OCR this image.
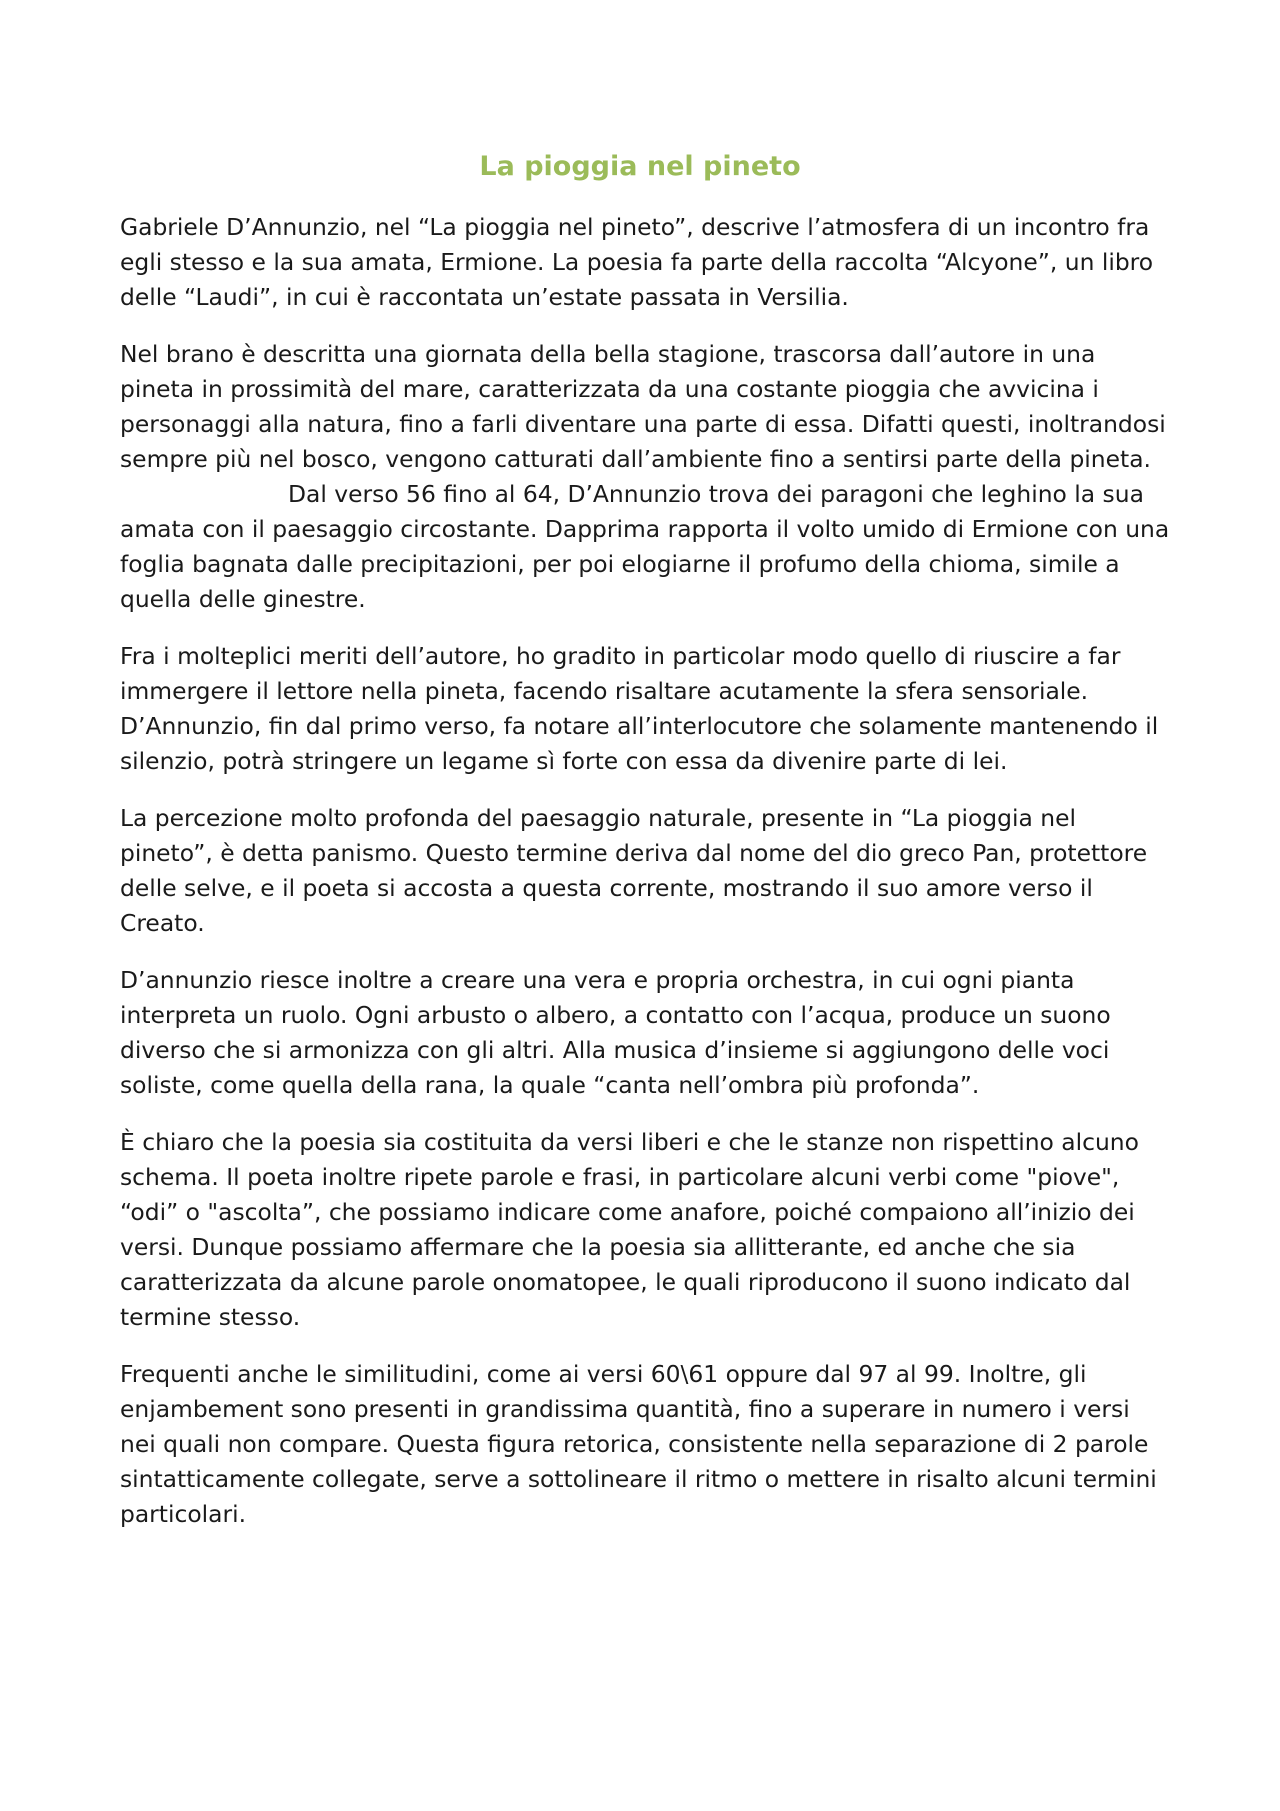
La pioggia nel pineto

Gabriele D’Annunzio, nel “La pioggia nel pineto”, descrive l’atmosfera di un incontro fra egli stesso e la sua amata, Ermione. La poesia fa parte della raccolta “Alcyone”, un libro delle “Laudi”, in cui è raccontata un’estate passata in Versilia.

Nel brano è descritta una giornata della bella stagione, trascorsa dall’autore in una pineta in prossimità del mare, caratterizzata da una costante pioggia che avvicina i personaggi alla natura, fino a farli diventare una parte di essa. Difatti questi, inoltrandosi sempre più nel bosco, vengono catturati dall’ambiente fino a sentirsi parte della pineta.Dal verso 56 fino al 64, D’Annunzio trova dei paragoni che leghino la sua amata con il paesaggio circostante. Dapprima rapporta il volto umido di Ermione con una foglia bagnata dalle precipitazioni, per poi elogiarne il profumo della chioma, simile a quella delle ginestre.

Fra i molteplici meriti dell’autore, ho gradito in particolar modo quello di riuscire a far immergere il lettore nella pineta, facendo risaltare acutamente la sfera sensoriale. D’Annunzio, fin dal primo verso, fa notare all’interlocutore che solamente mantenendo il silenzio, potrà stringere un legame sì forte con essa da divenire parte di lei.

La percezione molto profonda del paesaggio naturale, presente in “La pioggia nel pineto”, è detta panismo. Questo termine deriva dal nome del dio greco Pan, protettore delle selve, e il poeta si accosta a questa corrente, mostrando il suo amore verso il Creato.

D’annunzio riesce inoltre a creare una vera e propria orchestra, in cui ogni pianta interpreta un ruolo. Ogni arbusto o albero, a contatto con l’acqua, produce un suono diverso che si armonizza con gli altri. Alla musica d’insieme si aggiungono delle voci soliste, come quella della rana, la quale “canta nell’ombra più profonda”.

È chiaro che la poesia sia costituita da versi liberi e che le stanze non rispettino alcuno schema. Il poeta inoltre ripete parole e frasi, in particolare alcuni verbi come "piove", “odi” o "ascolta”, che possiamo indicare come anafore, poiché compaiono all’inizio dei versi. Dunque possiamo affermare che la poesia sia allitterante, ed anche che sia caratterizzata da alcune parole onomatopee, le quali riproducono il suono indicato dal termine stesso.

Frequenti anche le similitudini, come ai versi 60\61 oppure dal 97 al 99. Inoltre, gli enjambement sono presenti in grandissima quantità, fino a superare in numero i versi nei quali non compare. Questa figura retorica, consistente nella separazione di 2 parole sintatticamente collegate, serve a sottolineare il ritmo o mettere in risalto alcuni termini particolari.
